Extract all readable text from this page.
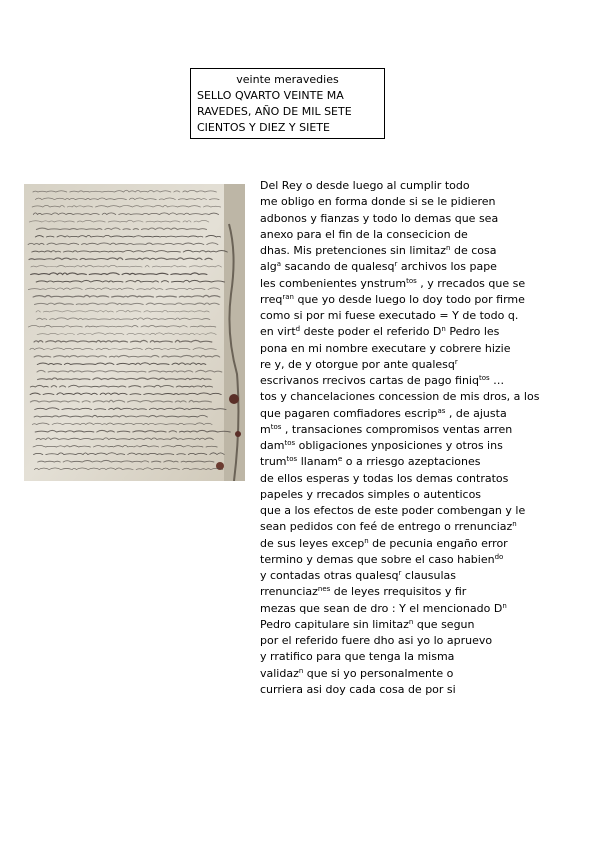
veinte meravedies
SELLO QVARTO VEINTE MA
RAVEDES, AÑO DE MIL SETE
CIENTOS Y DIEZ Y SIETE
Del Rey o desde luego al cumplir todo
me obligo en forma donde si se le pidieren
adbonos y fianzas y todo lo demas que sea
anexo para el fin de la consecicion de
dhas. Mis pretenciones sin limitaz$^n$ de cosa
alg$^a$ sacando de qualesq$^r$ archivos los pape
les combenientes ynstrum$^{tos}$ , y rrecados que se
rreq$^{ran}$ que yo desde luego lo doy todo por firme
como si por mi fuese executado = Y de todo q.
en virt$^d$ deste poder el referido $D^n$ Pedro les
pona en mi nombre executare y cobrere hizie
re y, de y otorgue por ante qualesq$^r$
escrivanos rrecivos cartas de pago finiq$^{tos}$ …
tos y chancelaciones concession de mis dros, a los
que pagaren comfiadores escrip$^{as}$ , de ajusta
$m^{tos}$ , transaciones compromisos ventas arren
dam$^{tos}$ obligaciones ynposiciones y otros ins
trum$^{tos}$ llanam$^e$ o a rriesgo azeptaciones
de ellos esperas y todas los demas contratos
papeles y rrecados simples o autenticos
que a los efectos de este poder combengan y le
sean pedidos con feé de entrego o rrenunciaz$^n$
de sus leyes excep$^n$ de pecunia engaño error
termino y demas que sobre el caso habien$^{do}$
y contadas otras qualesq$^r$ clausulas
rrenunciaz$^{nes}$ de leyes rrequisitos y fir
mezas que sean de dro : Y el mencionado $D^n$
Pedro capitulare sin limitaz$^n$ que segun
por el referido fuere dho asi yo lo apruevo
y rratifico para que tenga la misma
validaz$^n$ que si yo personalmente o
curriera asi doy cada cosa de por si
